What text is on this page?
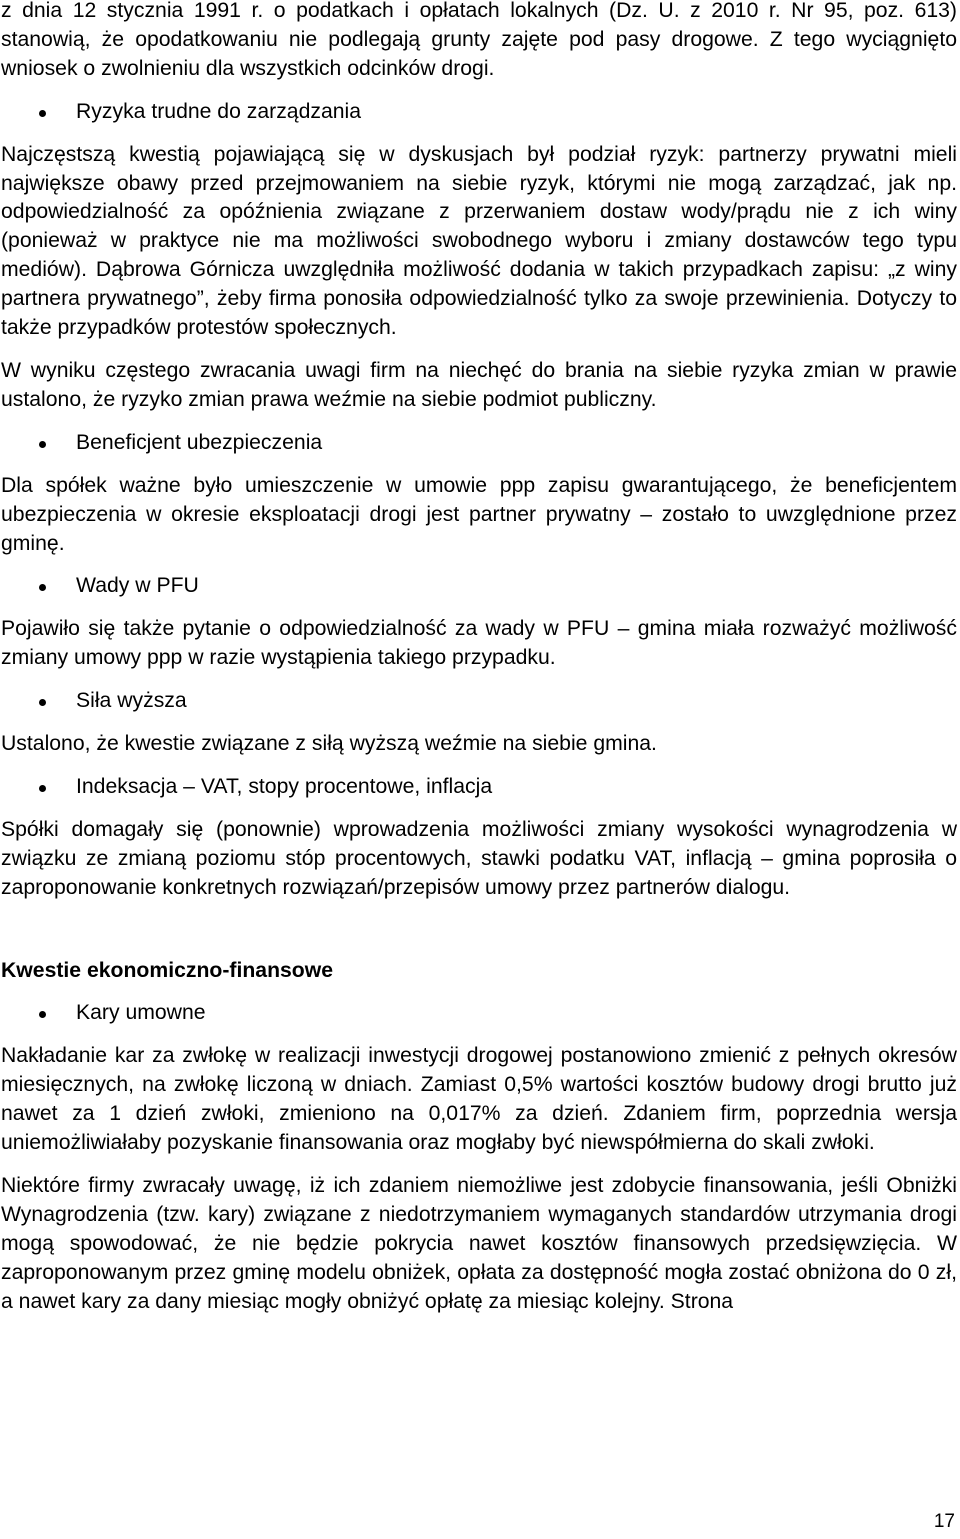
z dnia 12 stycznia 1991 r. o podatkach i opłatach lokalnych (Dz. U. z 2010 r. Nr 95, poz. 613) stanowią, że opodatkowaniu nie podlegają grunty zajęte pod pasy drogowe. Z tego wyciągnięto wniosek o zwolnieniu dla wszystkich odcinków drogi.

Ryzyka trudne do zarządzania

Najczęstszą kwestią pojawiającą się w dyskusjach był podział ryzyk: partnerzy prywatni mieli największe obawy przed przejmowaniem na siebie ryzyk, którymi nie mogą zarządzać, jak np. odpowiedzialność za opóźnienia związane z przerwaniem dostaw wody/prądu nie z ich winy (ponieważ w praktyce nie ma możliwości swobodnego wyboru i zmiany dostawców tego typu mediów). Dąbrowa Górnicza uwzględniła możliwość dodania w takich przypadkach zapisu: „z winy partnera prywatnego”, żeby firma ponosiła odpowiedzialność tylko za swoje przewinienia. Dotyczy to także przypadków protestów społecznych.

W wyniku częstego zwracania uwagi firm na niechęć do brania na siebie ryzyka zmian w prawie ustalono, że ryzyko zmian prawa weźmie na siebie podmiot publiczny.

Beneficjent ubezpieczenia

Dla spółek ważne było umieszczenie w umowie ppp zapisu gwarantującego, że beneficjentem ubezpieczenia w okresie eksploatacji drogi jest partner prywatny – zostało to uwzględnione przez gminę.

Wady w PFU

Pojawiło się także pytanie o odpowiedzialność za wady w PFU – gmina miała rozważyć możliwość zmiany umowy ppp w razie wystąpienia takiego przypadku.

Siła wyższa

Ustalono, że kwestie związane z siłą wyższą weźmie na siebie gmina.

Indeksacja – VAT, stopy procentowe, inflacja

Spółki domagały się (ponownie) wprowadzenia możliwości zmiany wysokości wynagrodzenia w związku ze zmianą poziomu stóp procentowych, stawki podatku VAT, inflacją – gmina poprosiła o zaproponowanie konkretnych rozwiązań/przepisów umowy przez partnerów dialogu.

Kwestie ekonomiczno-finansowe
Kary umowne

Nakładanie kar za zwłokę w realizacji inwestycji drogowej postanowiono zmienić z pełnych okresów miesięcznych, na zwłokę liczoną w dniach. Zamiast 0,5% wartości kosztów budowy drogi brutto już nawet za 1 dzień zwłoki, zmieniono na 0,017% za dzień. Zdaniem firm, poprzednia wersja uniemożliwiałaby pozyskanie finansowania oraz mogłaby być niewspółmierna do skali zwłoki.

Niektóre firmy zwracały uwagę, iż ich zdaniem niemożliwe jest zdobycie finansowania, jeśli Obniżki Wynagrodzenia (tzw. kary) związane z niedotrzymaniem wymaganych standardów utrzymania drogi mogą spowodować, że nie będzie pokrycia nawet kosztów finansowych przedsięwzięcia. W zaproponowanym przez gminę modelu obniżek, opłata za dostępność mogła zostać obniżona do 0 zł, a nawet kary za dany miesiąc mogły obniżyć opłatę za miesiąc kolejny. Strona

17
